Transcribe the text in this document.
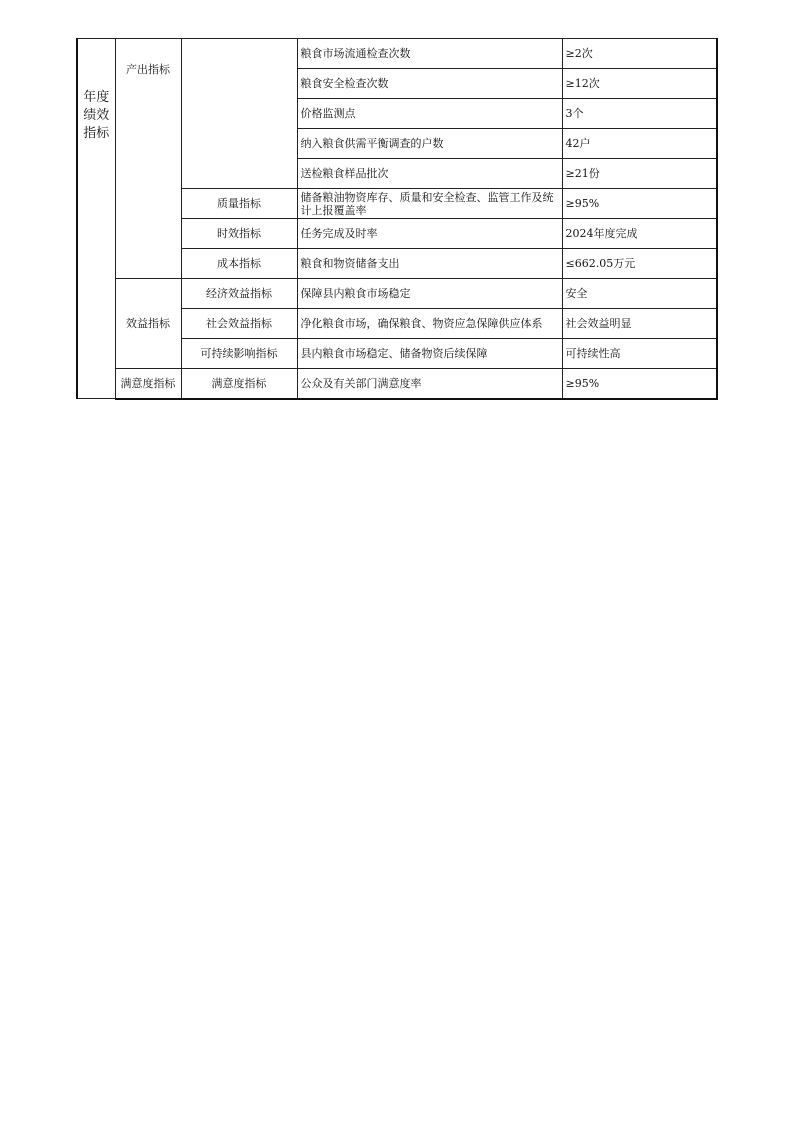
年度绩效指标	产出指标		粮食市场流通检查次数	≥2次
			粮食安全检查次数	≥12次
			价格监测点	3个
			纳入粮食供需平衡调查的户数	42户
			送检粮食样品批次	≥21份
		质量指标	储备粮油物资库存、质量和安全检查、监管工作及统计上报覆盖率	≥95%
		时效指标	任务完成及时率	2024年度完成
		成本指标	粮食和物资储备支出	≤662.05万元
	效益指标	经济效益指标	保障县内粮食市场稳定	安全
		社会效益指标	净化粮食市场，确保粮食、物资应急保障供应体系	社会效益明显
		可持续影响指标	县内粮食市场稳定、储备物资后续保障	可持续性高
	满意度指标	满意度指标	公众及有关部门满意度率	≥95%
